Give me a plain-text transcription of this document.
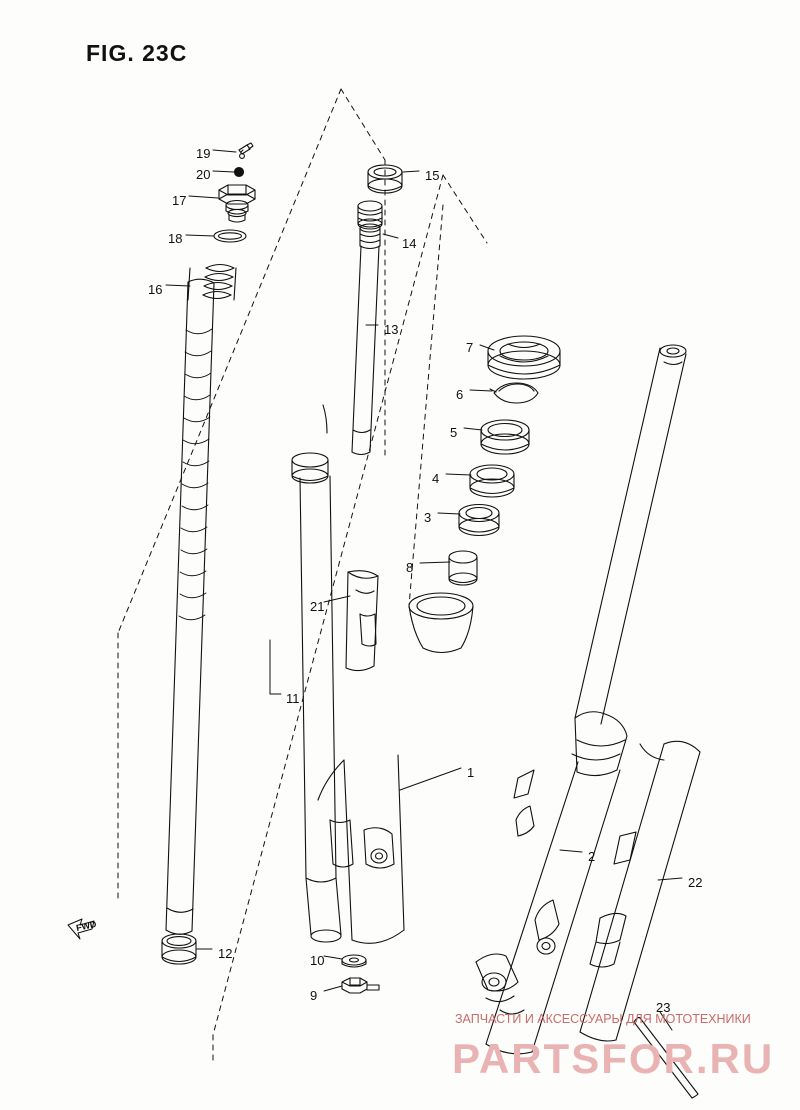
FIG. 23C
FWD
19
20
17
18
16
15
14
13
7
6
5
4
3
8
21
11
1
2
22
12	10
9
23
ЗАПЧАСТИ И АКСЕССУАРЫ ДЛЯ МОТОТЕХНИКИ
PARTSFOR.RU
